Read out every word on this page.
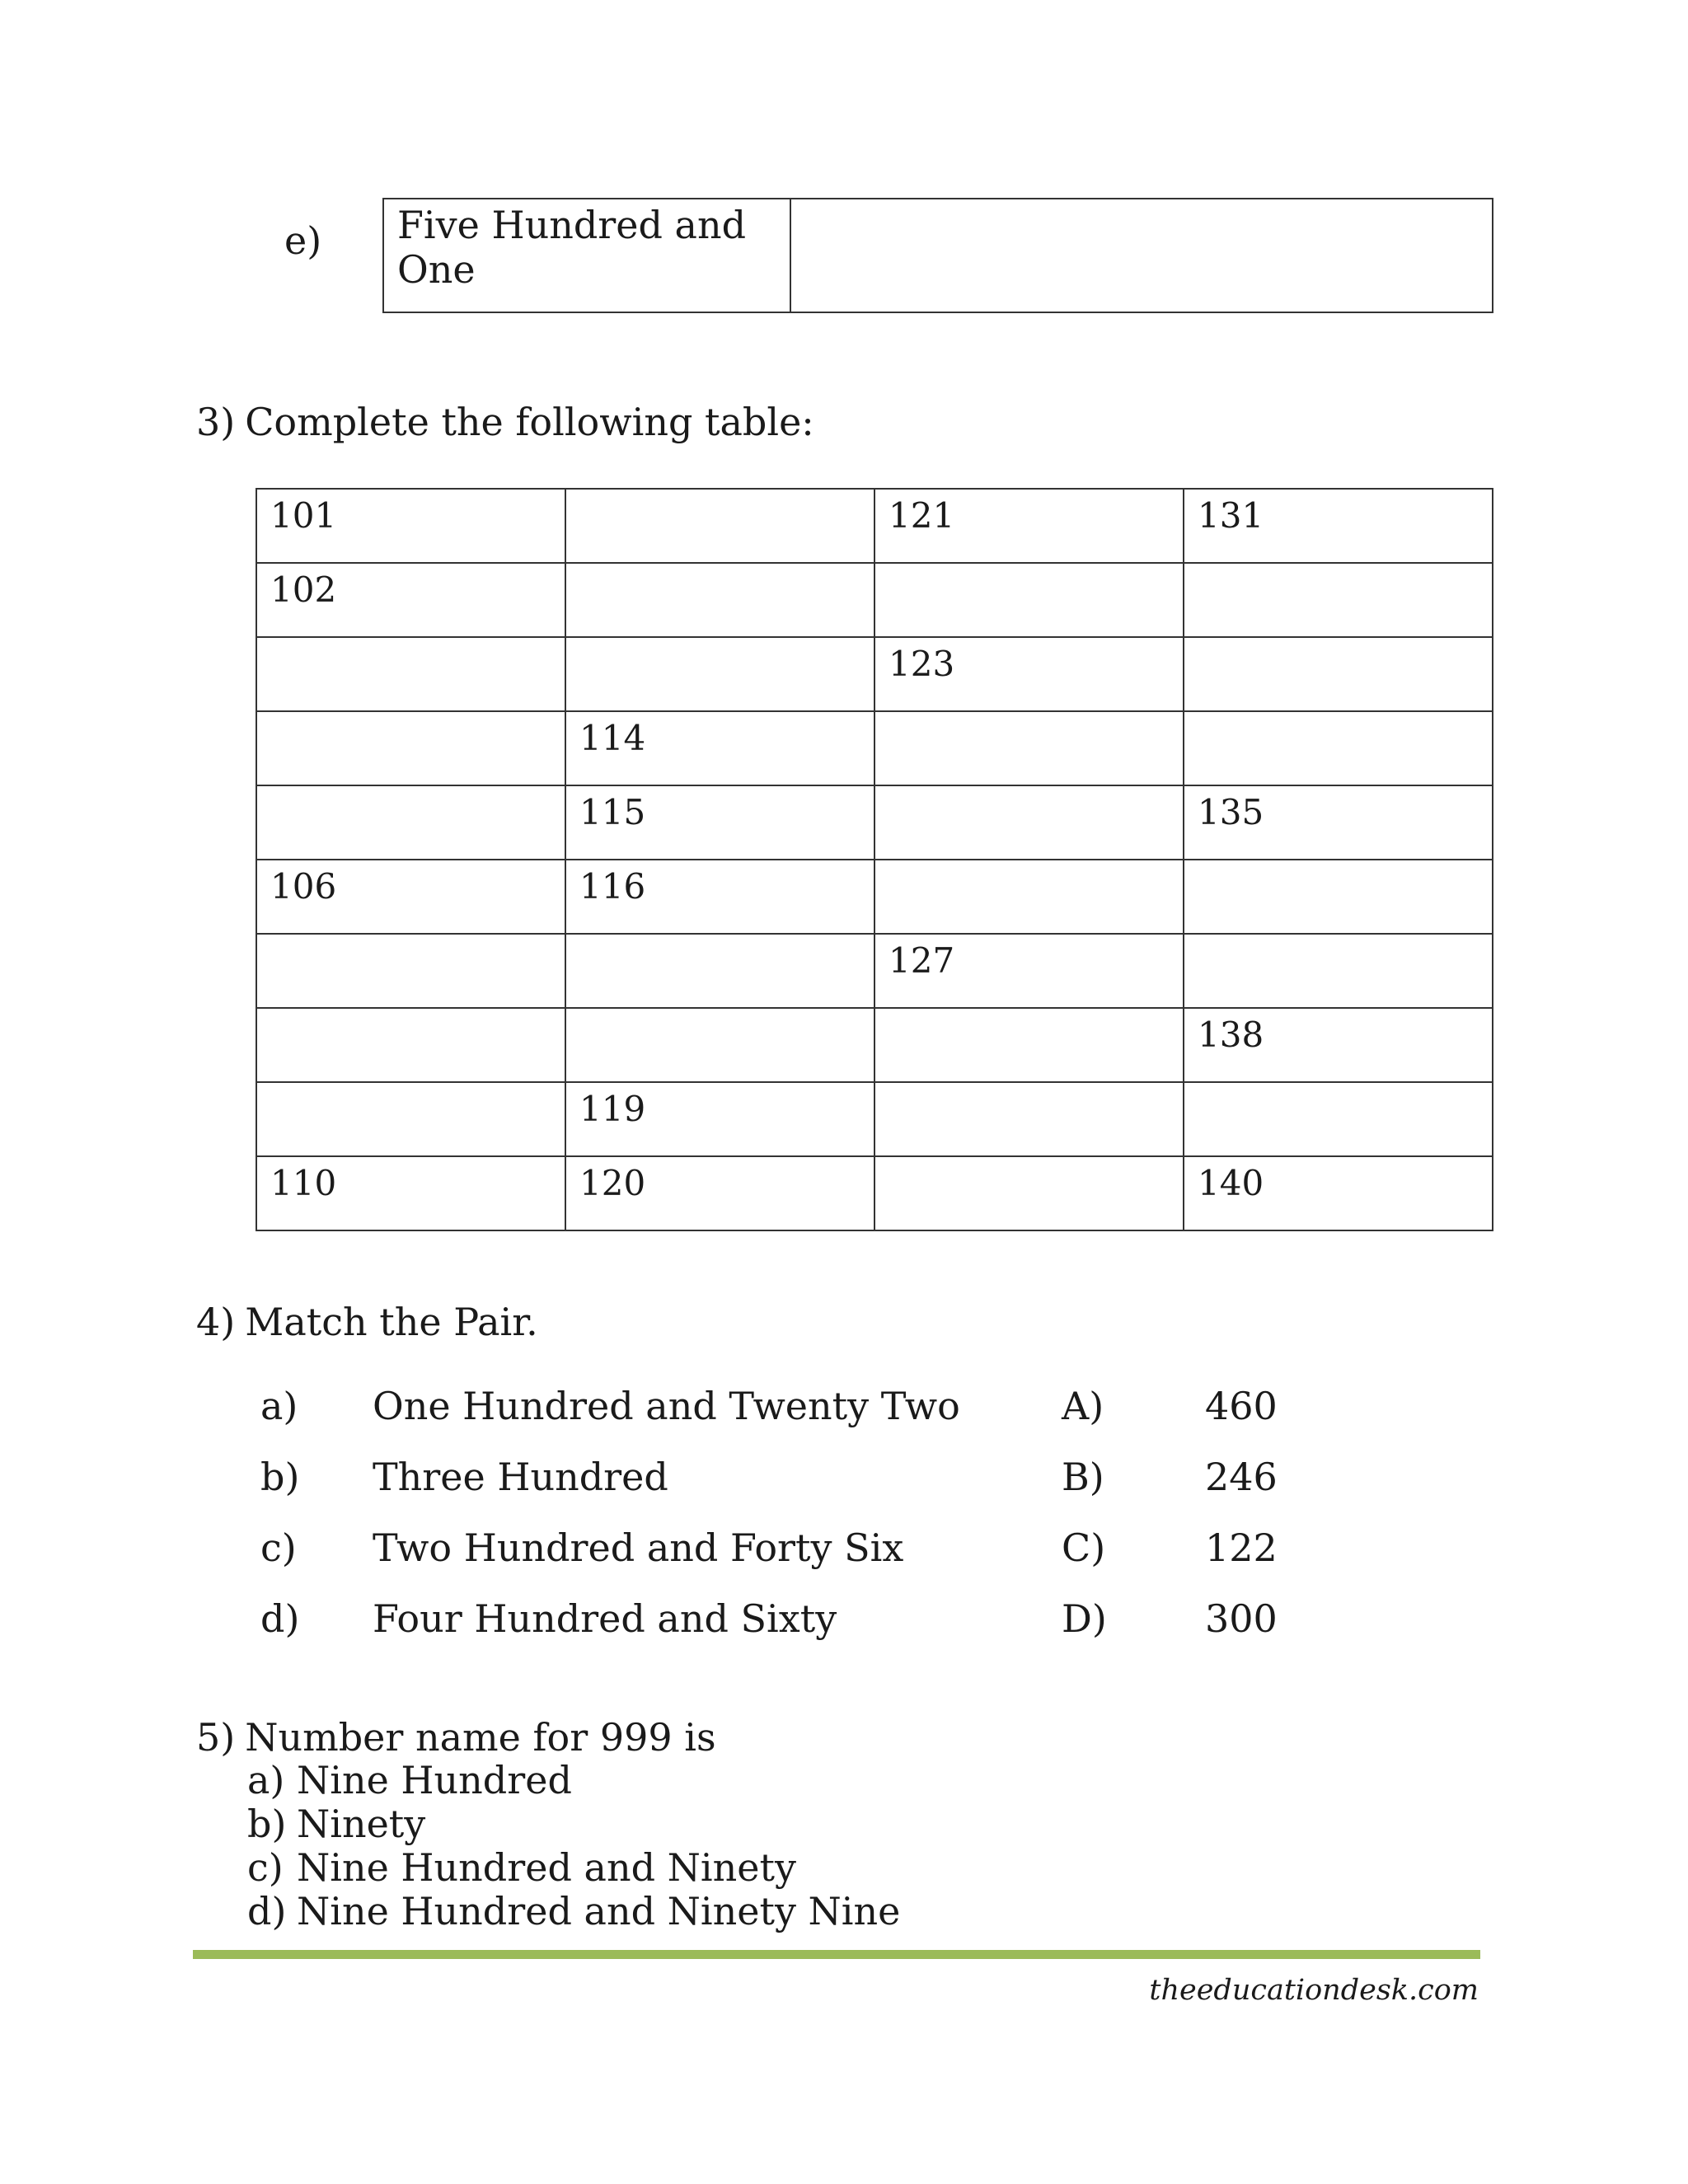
e) Five Hundred and One	
3) Complete the following table:
101		121	131
102			
		123	
	114		
	115		135
106	116		
		127	
			138
	119		
110	120		140
4) Match the Pair.
a) One Hundred and Twenty Two	A)	460
b) Three Hundred	B)	246
c) Two Hundred and Forty Six	C)	122
d) Four Hundred and Sixty	D)	300
5) Number name for 999 is
a) Nine Hundred
b) Ninety
c) Nine Hundred and Ninety
d) Nine Hundred and Ninety Nine
theeducationdesk.com
